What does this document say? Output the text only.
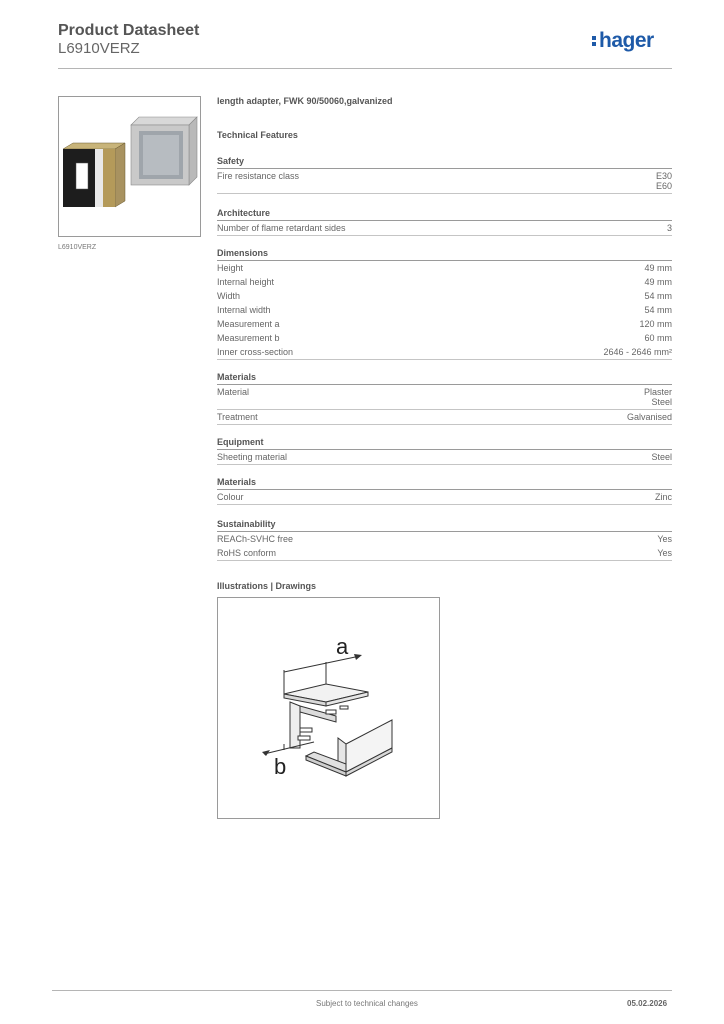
Product Datasheet
L6910VERZ	hager
L6910VERZ
length adapter, FWK 90/50060,galvanized
Technical Features
Safety
Fire resistance class	E30
E60
Architecture
Number of flame retardant sides	3
Dimensions
Height	49 mm
Internal height	49 mm
Width	54 mm
Internal width	54 mm
Measurement a	120 mm
Measurement b	60 mm
Inner cross-section	2646 - 2646 mm²
Materials
Material	Plaster
Steel
Treatment	Galvanised
Equipment
Sheeting material	Steel
Materials
Colour	Zinc
Sustainability
REACh-SVHC free	Yes
RoHS conform	Yes
Illustrations | Drawings
a
b
Subject to technical changes	05.02.2026
